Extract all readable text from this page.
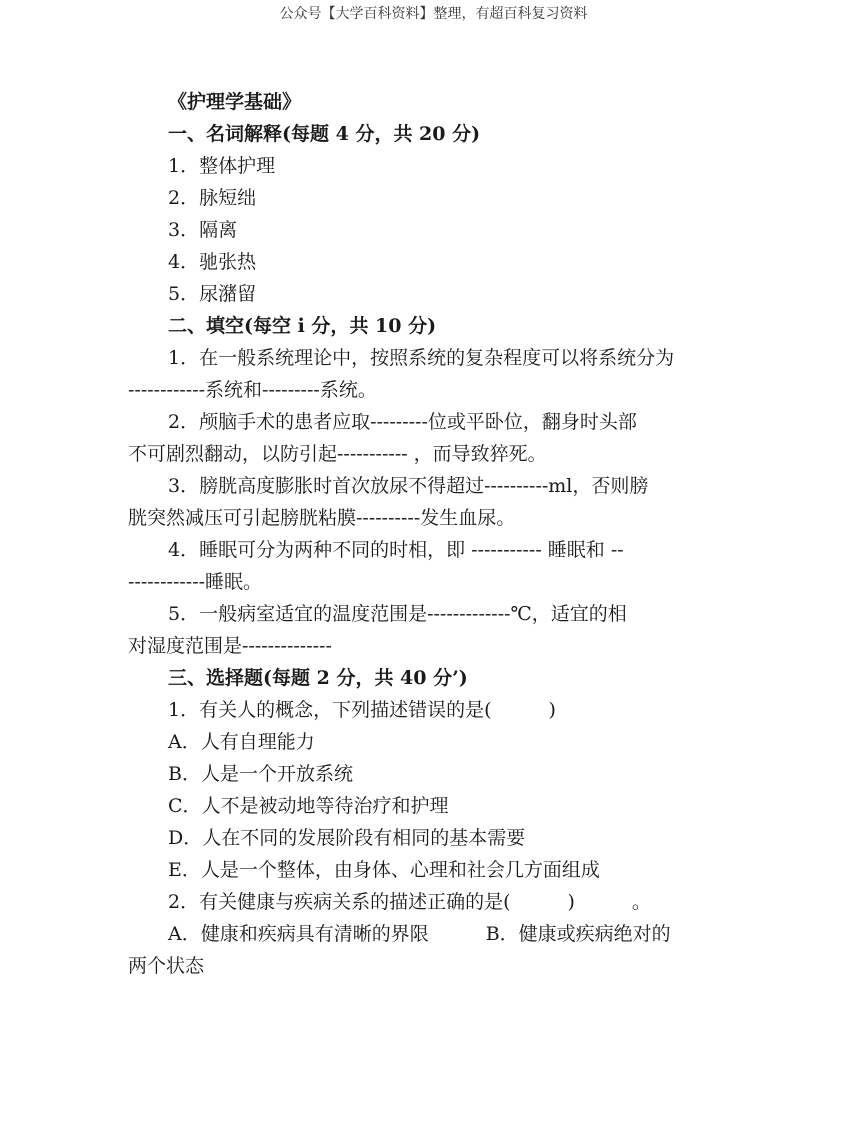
公众号【大学百科资料】整理，有超百科复习资料

《护理学基础》

一、名词解释(每题 4 分，共 20 分)

1．整体护理

2．脉短绌

3．隔离

4．驰张热

5．尿潴留

二、填空(每空 i 分，共 10 分)

1．在一般系统理论中，按照系统的复杂程度可以将系统分为

------------系统和---------系统。

2．颅脑手术的患者应取---------位或平卧位，翻身时头部

不可剧烈翻动，以防引起----------- ，而导致猝死。

3．膀胱高度膨胀时首次放尿不得超过----------ml，否则膀

胱突然减压可引起膀胱粘膜----------发生血尿。

4．睡眠可分为两种不同的时相，即 ----------- 睡眠和 --

------------睡眠。

5．一般病室适宜的温度范围是-------------℃，适宜的相

对湿度范围是--------------

三、选择题(每题 2 分，共 40 分’)

1．有关人的概念，下列描述错误的是(　　　)

A．人有自理能力

B．人是一个开放系统

C．人不是被动地等待治疗和护理

D．人在不同的发展阶段有相同的基本需要

E．人是一个整体，由身体、心理和社会几方面组成

2．有关健康与疾病关系的描述正确的是(　　　)　　　。

A．健康和疾病具有清晰的界限　　　B．健康或疾病绝对的

两个状态
